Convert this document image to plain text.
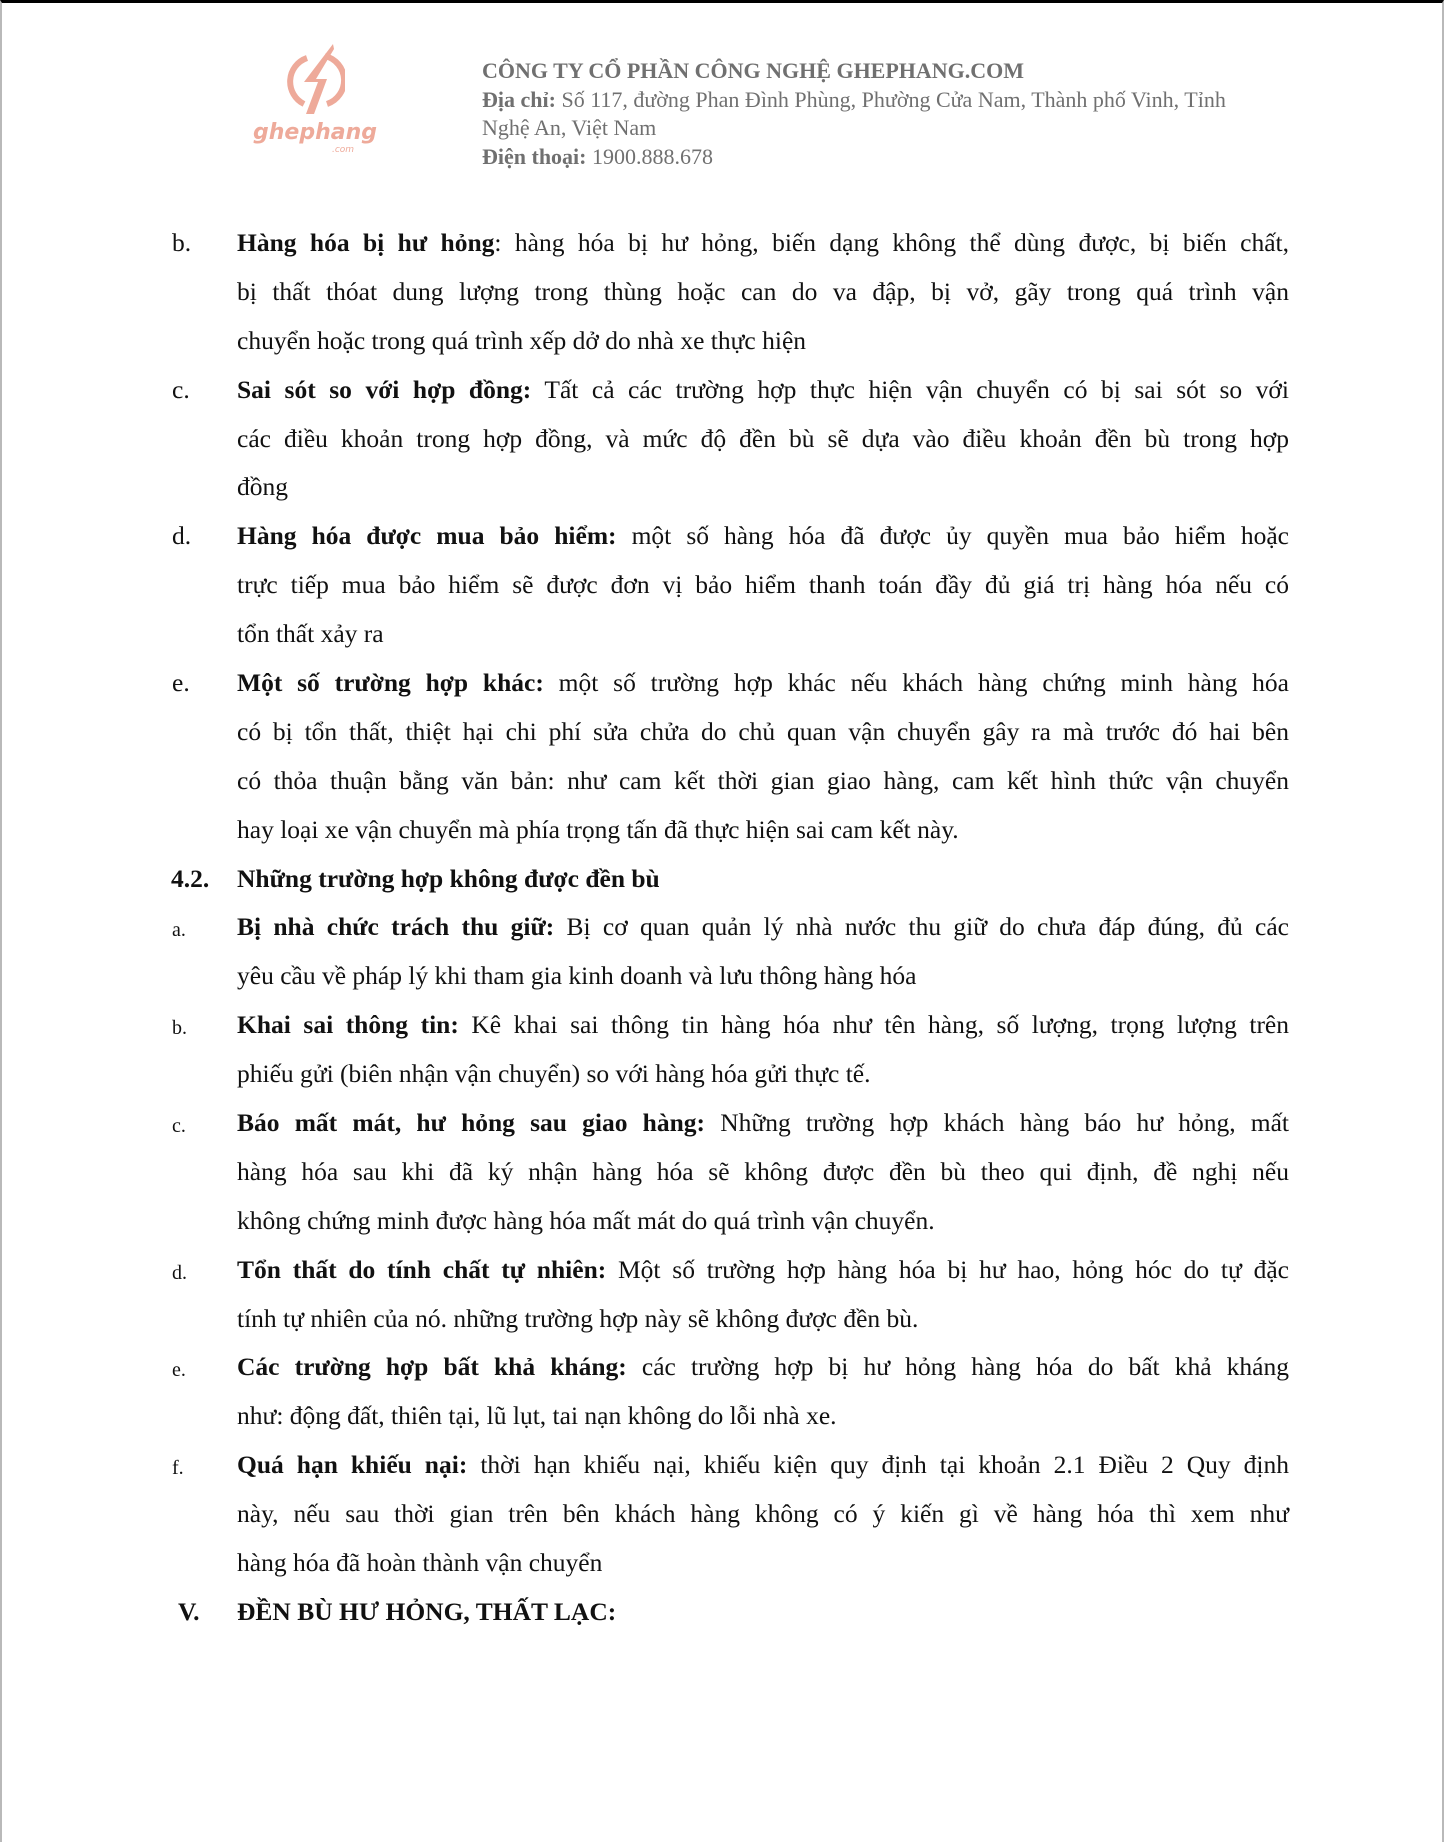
ghephang
.com
CÔNG TY CỔ PHẦN CÔNG NGHỆ GHEPHANG.COM
Địa chỉ: Số 117, đường Phan Đình Phùng, Phường Cửa Nam, Thành phố Vinh, Tỉnh
Nghệ An, Việt Nam
Điện thoại: 1900.888.678
b. Hàng hóa bị hư hỏng: hàng hóa bị hư hỏng, biến dạng không thể dùng được, bị biến chất,
bị thất thóat dung lượng trong thùng hoặc can do va đập, bị vở, gãy trong quá trình vận
chuyển hoặc trong quá trình xếp dở do nhà xe thực hiện
c. Sai sót so với hợp đồng: Tất cả các trường hợp thực hiện vận chuyển có bị sai sót so với
các điều khoản trong hợp đồng, và mức độ đền bù sẽ dựa vào điều khoản đền bù trong hợp
đồng
d. Hàng hóa được mua bảo hiểm: một số hàng hóa đã được ủy quyền mua bảo hiểm hoặc
trực tiếp mua bảo hiểm sẽ được đơn vị bảo hiểm thanh toán đầy đủ giá trị hàng hóa nếu có
tổn thất xảy ra
e. Một số trường hợp khác: một số trường hợp khác nếu khách hàng chứng minh hàng hóa
có bị tổn thất, thiệt hại chi phí sửa chửa do chủ quan vận chuyển gây ra mà trước đó hai bên
có thỏa thuận bằng văn bản: như cam kết thời gian giao hàng, cam kết hình thức vận chuyển
hay loại xe vận chuyển mà phía trọng tấn đã thực hiện sai cam kết này.
4.2. Những trường hợp không được đền bù
a. Bị nhà chức trách thu giữ: Bị cơ quan quản lý nhà nước thu giữ do chưa đáp đúng, đủ các
yêu cầu về pháp lý khi tham gia kinh doanh và lưu thông hàng hóa
b. Khai sai thông tin: Kê khai sai thông tin hàng hóa như tên hàng, số lượng, trọng lượng trên
phiếu gửi (biên nhận vận chuyển) so với hàng hóa gửi thực tế.
c. Báo mất mát, hư hỏng sau giao hàng: Những trường hợp khách hàng báo hư hỏng, mất
hàng hóa sau khi đã ký nhận hàng hóa sẽ không được đền bù theo qui định, đề nghị nếu
không chứng minh được hàng hóa mất mát do quá trình vận chuyển.
d. Tổn thất do tính chất tự nhiên: Một số trường hợp hàng hóa bị hư hao, hỏng hóc do tự đặc
tính tự nhiên của nó. những trường hợp này sẽ không được đền bù.
e. Các trường hợp bất khả kháng: các trường hợp bị hư hỏng hàng hóa do bất khả kháng
như: động đất, thiên tại, lũ lụt, tai nạn không do lỗi nhà xe.
f. Quá hạn khiếu nại: thời hạn khiếu nại, khiếu kiện quy định tại khoản 2.1 Điều 2 Quy định
này, nếu sau thời gian trên bên khách hàng không có ý kiến gì về hàng hóa thì xem như
hàng hóa đã hoàn thành vận chuyển
V. ĐỀN BÙ HƯ HỎNG, THẤT LẠC:
